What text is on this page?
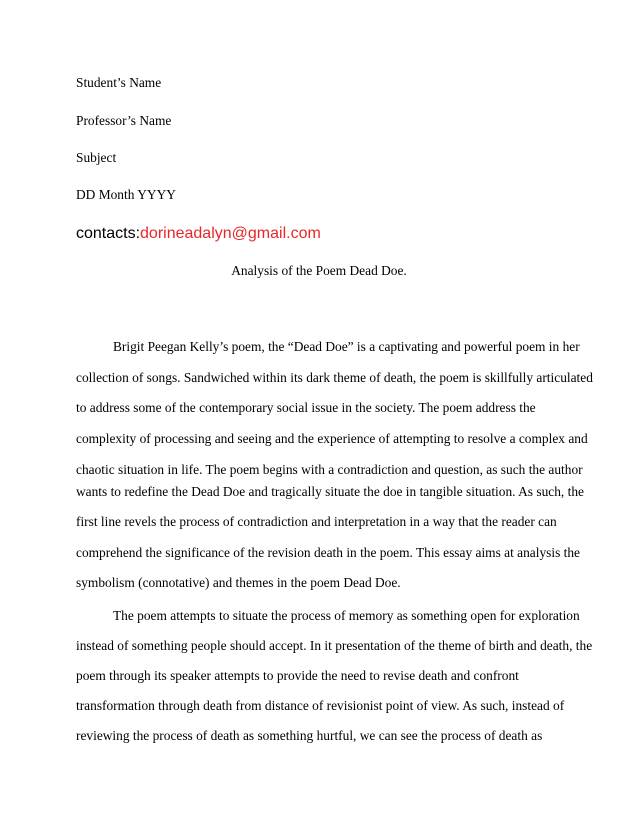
Student’s Name
Professor’s Name
Subject
DD Month YYYY
contacts:dorineadalyn@gmail.com
Analysis of the Poem Dead Doe.
Brigit Peegan Kelly’s poem, the “Dead Doe” is a captivating and powerful poem in her
collection of songs. Sandwiched within its dark theme of death, the poem is skillfully articulated
to address some of the contemporary social issue in the society. The poem address the
complexity of processing and seeing and the experience of attempting to resolve a complex and
chaotic situation in life. The poem begins with a contradiction and question, as such the author
wants to redefine the Dead Doe and tragically situate the doe in tangible situation. As such, the
first line revels the process of contradiction and interpretation in a way that the reader can
comprehend the significance of the revision death in the poem. This essay aims at analysis the
symbolism (connotative) and themes in the poem Dead Doe.
The poem attempts to situate the process of memory as something open for exploration
instead of something people should accept. In it presentation of the theme of birth and death, the
poem through its speaker attempts to provide the need to revise death and confront
transformation through death from distance of revisionist point of view. As such, instead of
reviewing the process of death as something hurtful, we can see the process of death as
